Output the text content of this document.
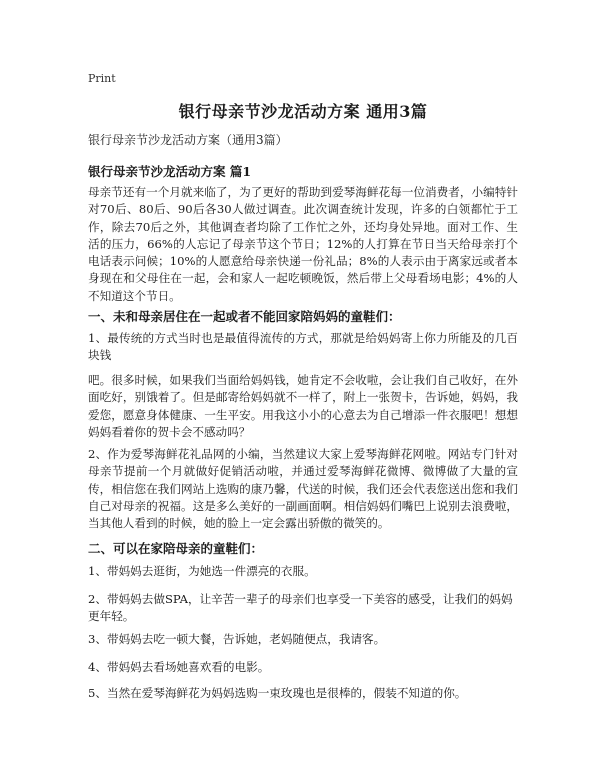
Print
银行母亲节沙龙活动方案 通用3篇
银行母亲节沙龙活动方案（通用3篇）
银行母亲节沙龙活动方案 篇1

母亲节还有一个月就来临了，为了更好的帮助到爱琴海鲜花每一位消费者，小编特针对70后、80后、90后各30人做过调查。此次调查统计发现，许多的白领都忙于工作，除去70后之外，其他调查者均除了工作忙之外，还均身处异地。面对工作、生活的压力，66%的人忘记了母亲节这个节日；12%的人打算在节日当天给母亲打个电话表示问候；10%的人愿意给母亲快递一份礼品；8%的人表示由于离家远或者本身现在和父母住在一起，会和家人一起吃顿晚饭，然后带上父母看场电影；4%的人不知道这个节日。

一、未和母亲居住在一起或者不能回家陪妈妈的童鞋们：

1、最传统的方式当时也是最值得流传的方式，那就是给妈妈寄上你力所能及的几百块钱

吧。很多时候，如果我们当面给妈妈钱，她肯定不会收啦，会让我们自己收好，在外面吃好，别饿着了。但是邮寄给妈妈就不一样了，附上一张贺卡，告诉她，妈妈，我爱您，愿意身体健康、一生平安。用我这小小的心意去为自己增添一件衣服吧！想想妈妈看着你的贺卡会不感动吗？

2、作为爱琴海鲜花礼品网的小编，当然建议大家上爱琴海鲜花网啦。网站专门针对母亲节提前一个月就做好促销活动啦，并通过爱琴海鲜花微博、微博做了大量的宣传，相信您在我们网站上选购的康乃馨，代送的时候，我们还会代表您送出您和我们自己对母亲的祝福。这是多么美好的一副画面啊。相信妈妈们嘴巴上说别去浪费啦，当其他人看到的时候，她的脸上一定会露出骄傲的微笑的。

二、可以在家陪母亲的童鞋们：

1、带妈妈去逛街，为她选一件漂亮的衣服。

2、带妈妈去做SPA，让辛苦一辈子的母亲们也享受一下美容的感受，让我们的妈妈更年轻。

3、带妈妈去吃一顿大餐，告诉她，老妈随便点，我请客。

4、带妈妈去看场她喜欢看的电影。

5、当然在爱琴海鲜花为妈妈选购一束玫瑰也是很棒的，假装不知道的你。
